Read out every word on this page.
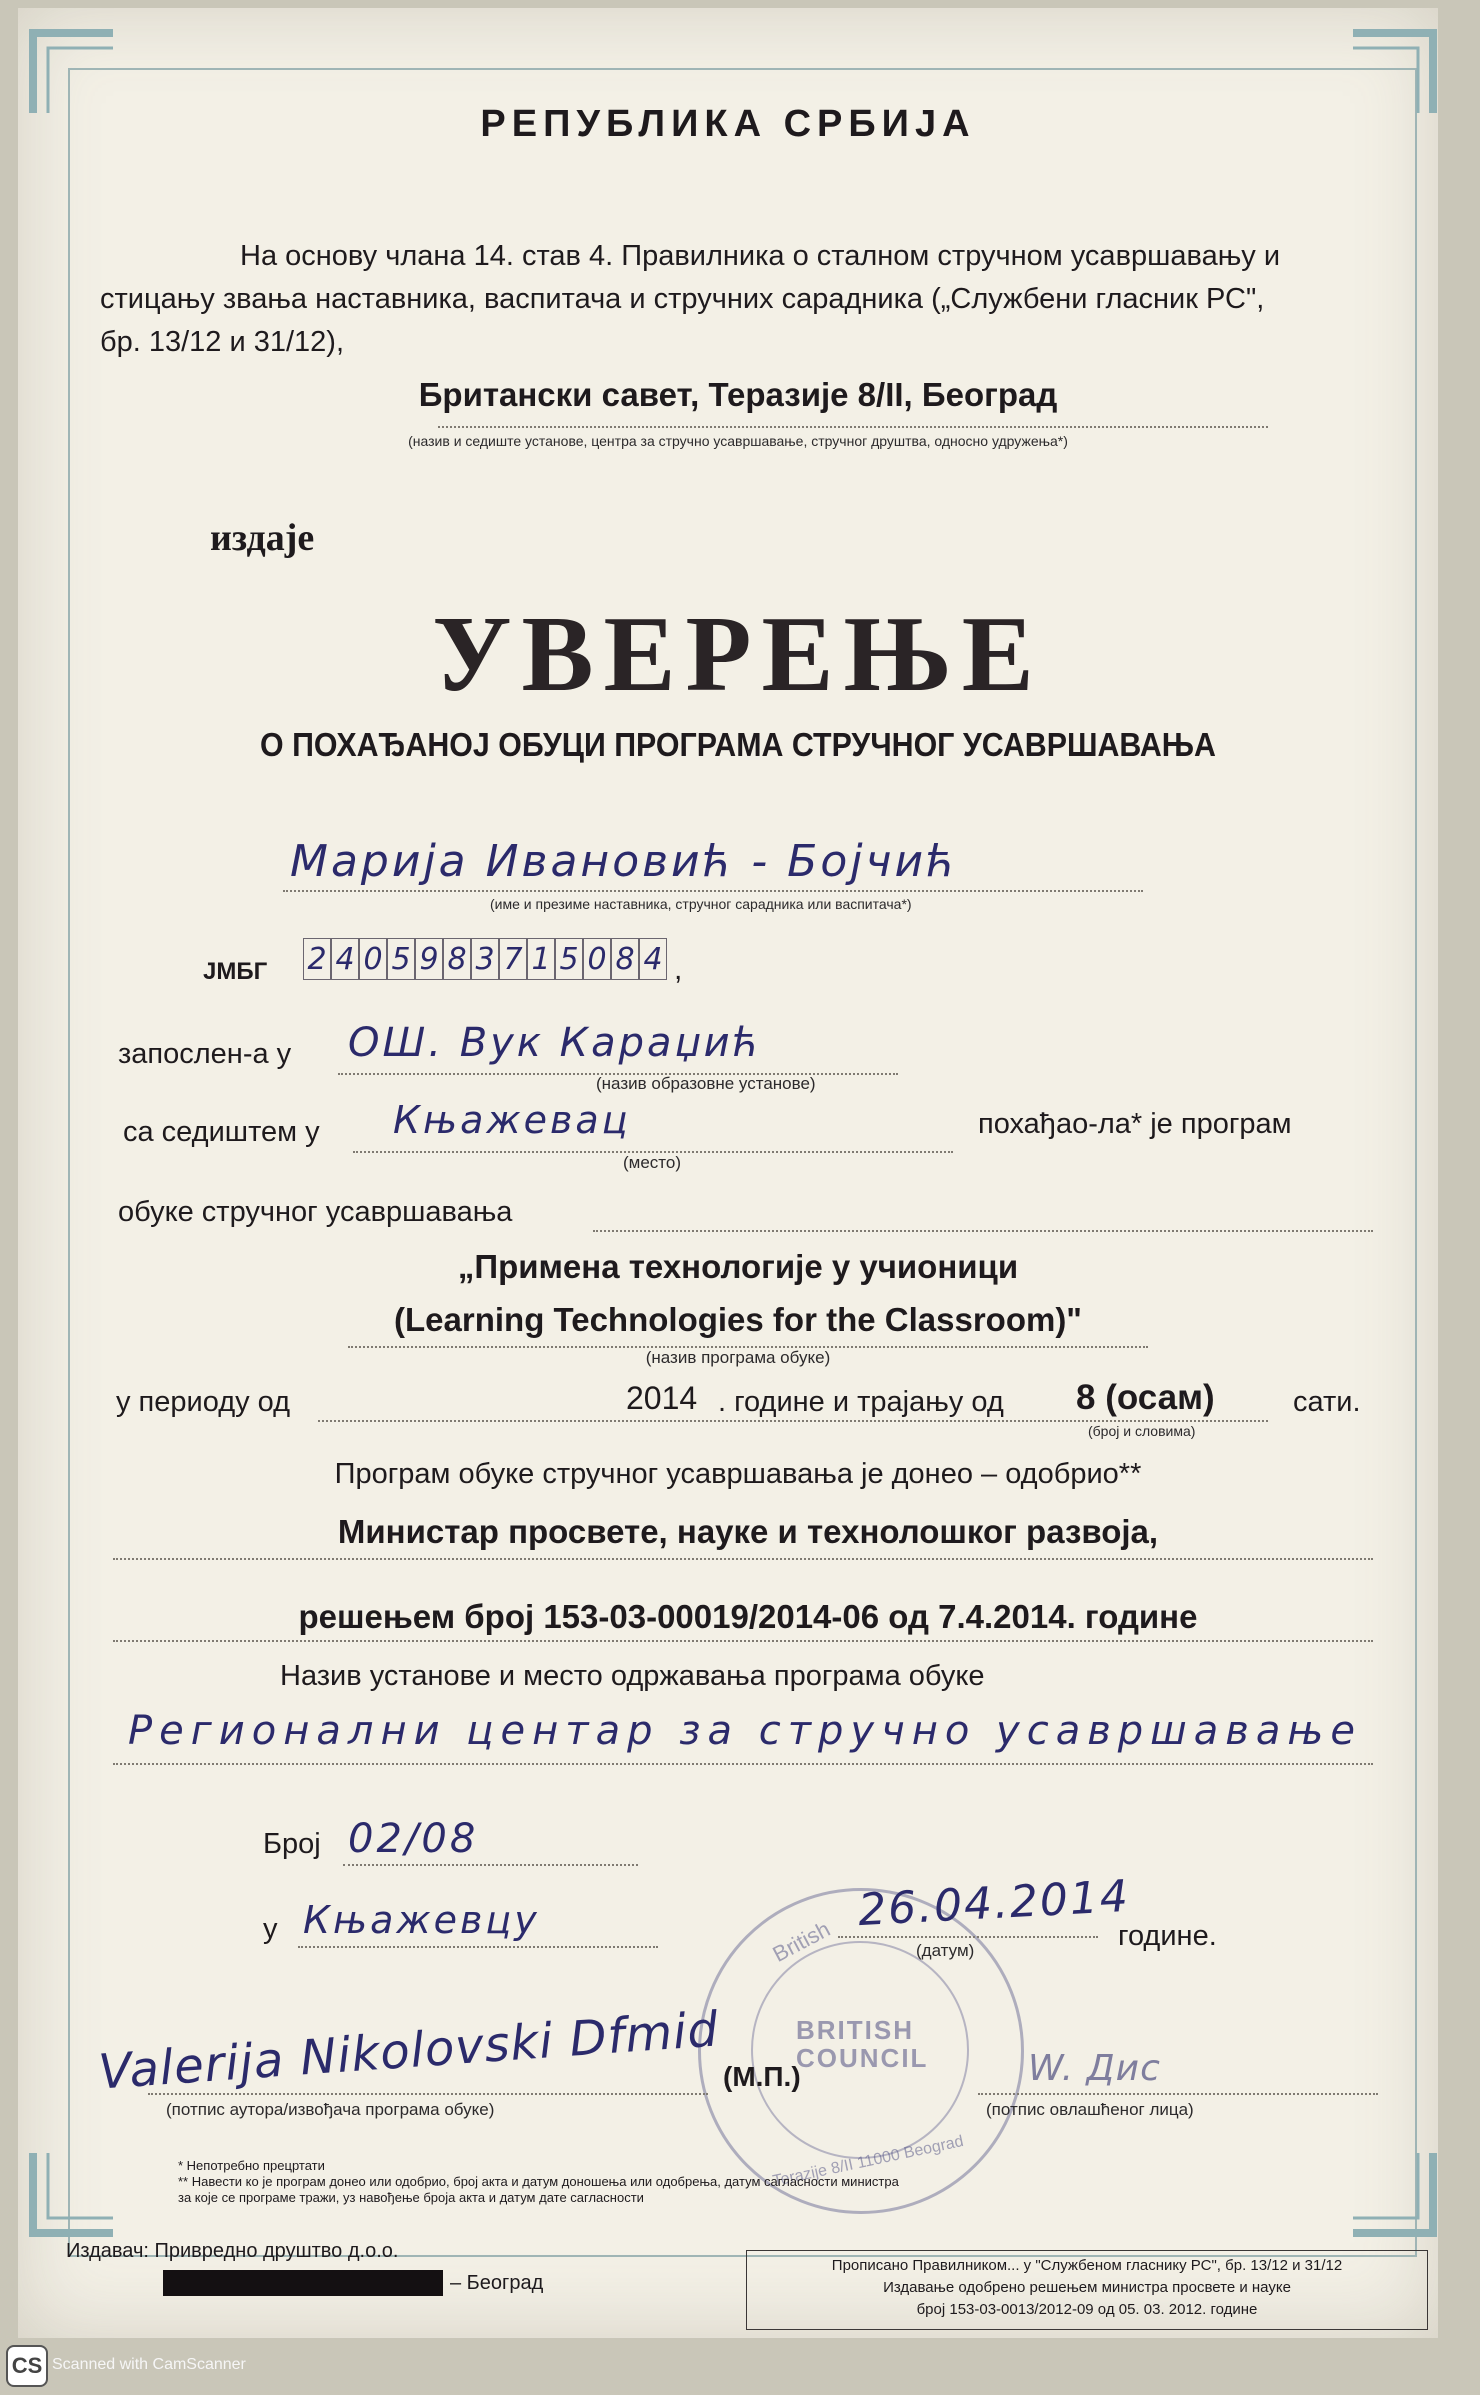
РЕПУБЛИКА СРБИЈА
На основу члана 14. став 4. Правилника о сталном стручном усавршавању и
стицању звања наставника, васпитача и стручних сарадника („Службени гласник РС",
бр. 13/12 и 31/12),
Британски савет, Теразије 8/II, Београд
(назив и седиште установе, центра за стручно усавршавање, стручног друштва, односно удружења*)
издаје
УВЕРЕЊЕ
О ПОХАЂАНОЈ ОБУЦИ ПРОГРАМА СТРУЧНОГ УСАВРШАВАЊА
Марија Ивановић - Бојчић
(име и презиме наставника, стручног сарадника или васпитача*)
ЈМБГ 2 4 0 5 9 8 3 7 1 5 0 8 4 ,
запослен-а у ОШ. Вук Караџић
(назив образовне установе)
са седиштем у Књажевац
(место)
похађао-ла* је програм
обуке стручног усавршавања
„Примена технологије у учионици
(Learning Technologies for the Classroom)"
(назив програма обуке)
у периоду од	2014 . године и трајању од 8 (осам)
(број и словима)
сати.
Програм обуке стручног усавршавања је донео – одобрио**
Министар просвете, науке и технолошког развоја,
решењем број 153-03-00019/2014-06 од 7.4.2014. године
Назив установе и место одржавања програма обуке
Регионални центар за стручно усавршавање
Број 02/08
у Књажевцу	British
BRITISH COUNCIL
Terazije 8/II 11000 Beograd
26.04.2014
(датум)	године.
Valerija Nikolovski Dfmid
(потпис аутора/извођача програма обуке)
(М.П.)	W. Дис
(потпис овлашћеног лица)
* Непотребно прецртати
** Навести ко је програм донео или одобрио, број акта и датум доношења или одобрења, датум сагласности министра
за које се програме тражи, уз навођење броја акта и датум дате сагласности
Издавач: Привредно друштво д.о.о.
– Београд
Прописано Правилником... у "Службеном гласнику РС", бр. 13/12 и 31/12
Издавање одобрено решењем министра просвете и науке
број 153-03-0013/2012-09 од 05. 03. 2012. године
CS Scanned with CamScanner
